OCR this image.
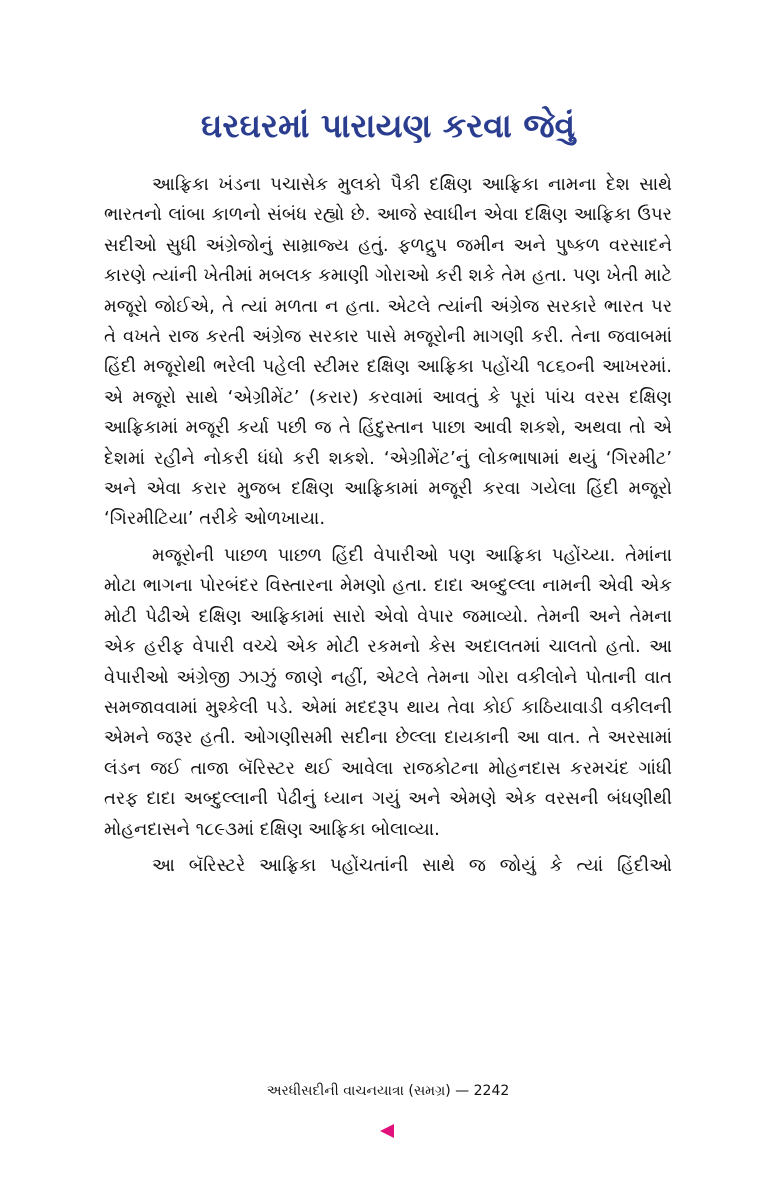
ઘરઘરમાં પારાયણ કરવા જેવું

આફ્રિકા ખંડના પચાસેક મુલકો પૈકી દક્ષિણ આફ્રિકા નામના દેશ સાથે ભારતનો લાંબા કાળનો સંબંધ રહ્યો છે. આજે સ્વાધીન એવા દક્ષિણ આફ્રિકા ઉપર સદીઓ સુધી અંગ્રેજોનું સામ્રાજ્ય હતું. ફળદ્રુપ જમીન અને પુષ્કળ વરસાદને કારણે ત્યાંની ખેતીમાં મબલક કમાણી ગોરાઓ કરી શકે તેમ હતા. પણ ખેતી માટે મજૂરો જોઈએ, તે ત્યાં મળતા ન હતા. એટલે ત્યાંની અંગ્રેજ સરકારે ભારત પર તે વખતે રાજ કરતી અંગ્રેજ સરકાર પાસે મજૂરોની માગણી કરી. તેના જવાબમાં હિંદી મજૂરોથી ભરેલી પહેલી સ્ટીમર દક્ષિણ આફ્રિકા પહોંચી ૧૮૬૦ની આખરમાં. એ મજૂરો સાથે ‘એગ્રીમેંટ’ (કરાર) કરવામાં આવતું કે પૂરાં પાંચ વરસ દક્ષિણ આફ્રિકામાં મજૂરી કર્યા પછી જ તે હિંદુસ્તાન પાછા આવી શકશે, અથવા તો એ દેશમાં રહીને નોકરી ધંધો કરી શકશે. ‘એગ્રીમેંટ’નું લોકભાષામાં થયું ‘ગિરમીટ’ અને એવા કરાર મુજબ દક્ષિણ આફ્રિકામાં મજૂરી કરવા ગયેલા હિંદી મજૂરો ‘ગિરમીટિયા’ તરીકે ઓળખાયા.

મજૂરોની પાછળ પાછળ હિંદી વેપારીઓ પણ આફ્રિકા પહોંચ્યા. તેમાંના મોટા ભાગના પોરબંદર વિસ્તારના મેમણો હતા. દાદા અબ્દુલ્લા નામની એવી એક મોટી પેઢીએ દક્ષિણ આફ્રિકામાં સારો એવો વેપાર જમાવ્યો. તેમની અને તેમના એક હરીફ વેપારી વચ્ચે એક મોટી રકમનો કેસ અદાલતમાં ચાલતો હતો. આ વેપારીઓ અંગ્રેજી ઝાઝું જાણે નહીં, એટલે તેમના ગોરા વકીલોને પોતાની વાત સમજાવવામાં મુશ્કેલી પડે. એમાં મદદરૂપ થાય તેવા કોઈ કાઠિયાવાડી વકીલની એમને જરૂર હતી. ઓગણીસમી સદીના છેલ્લા દાયકાની આ વાત. તે અરસામાં લંડન જઈ તાજા બૅરિસ્ટર થઈ આવેલા રાજકોટના મોહનદાસ કરમચંદ ગાંધી તરફ દાદા અબ્દુલ્લાની પેઢીનું ધ્યાન ગયું અને એમણે એક વરસની બંધણીથી મોહનદાસને ૧૮૯૩માં દક્ષિણ આફ્રિકા બોલાવ્યા.

આ બૅરિસ્ટરે આફ્રિકા પહોંચતાંની સાથે જ જોયું કે ત્યાં હિંદીઓ

અરધીસદીની વાચનયાત્રા (સમગ્ર) — 2242
